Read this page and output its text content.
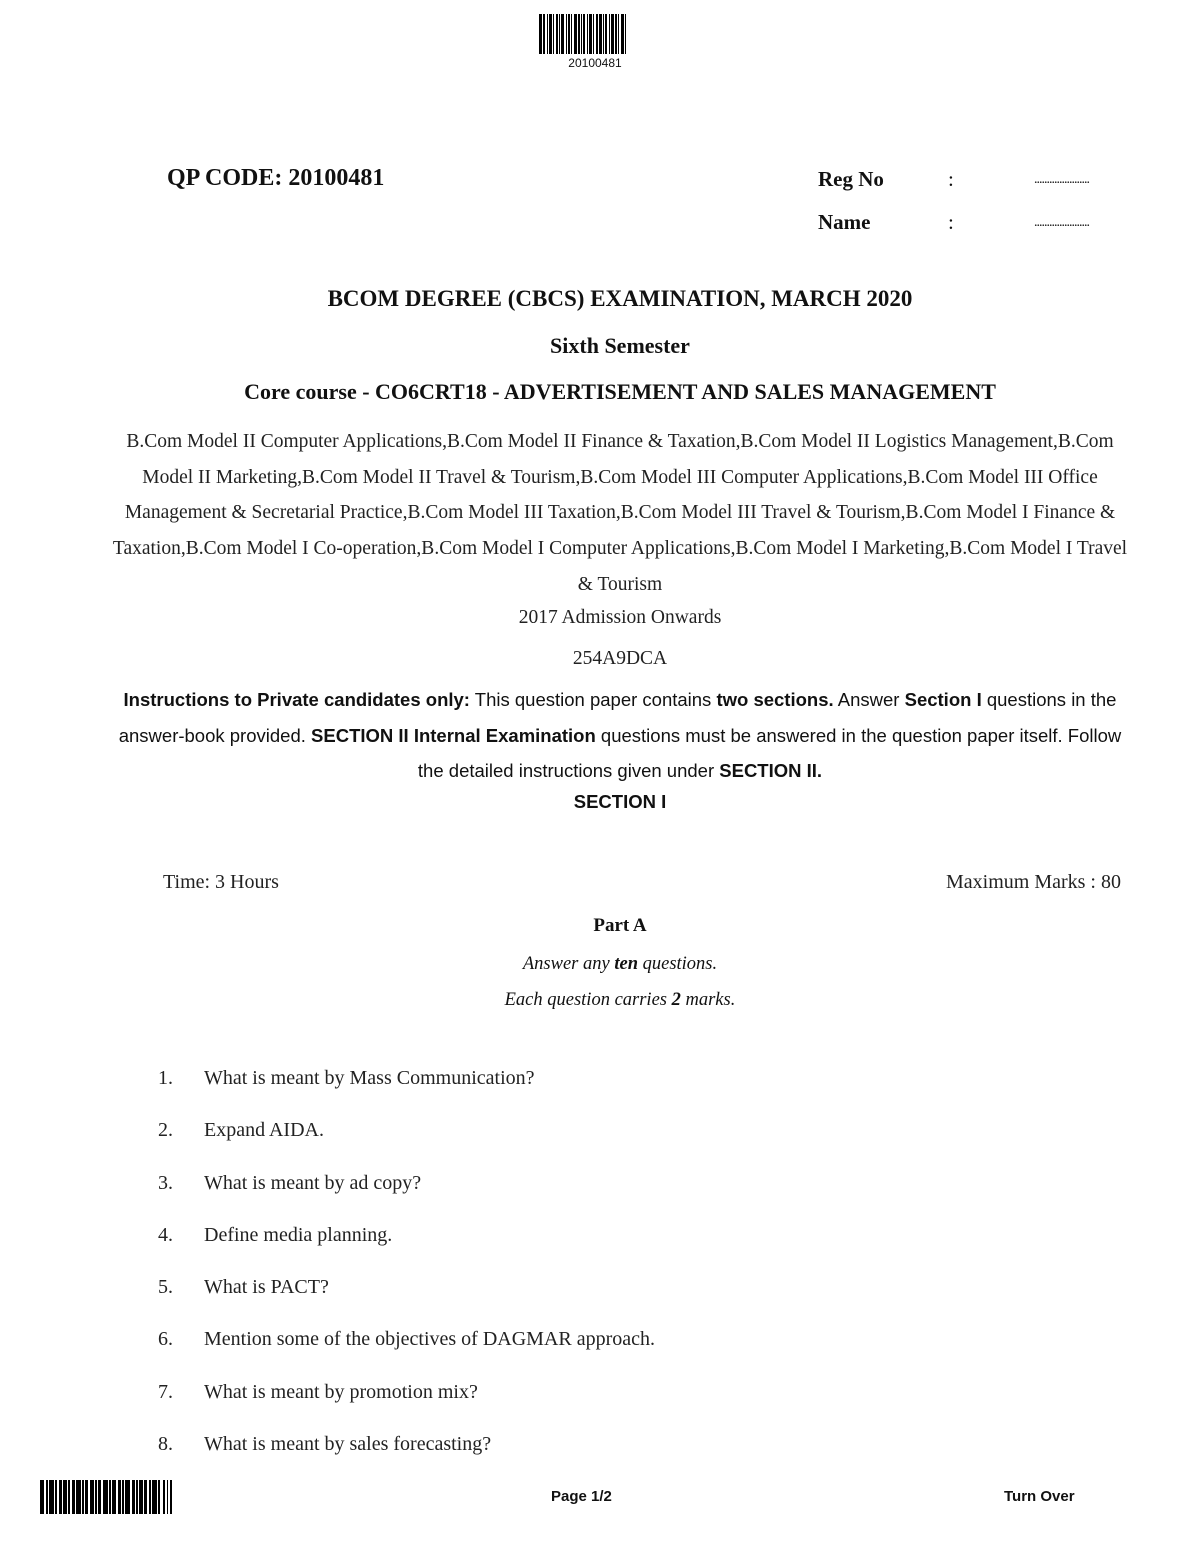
20100481
QP CODE: 20100481	Reg No	:	......................
Name	:	......................
BCOM DEGREE (CBCS) EXAMINATION, MARCH 2020
Sixth Semester
Core course - CO6CRT18 - ADVERTISEMENT AND SALES MANAGEMENT
B.Com Model II Computer Applications,B.Com Model II Finance & Taxation,B.Com Model II Logistics Management,B.Com Model II Marketing,B.Com Model II Travel & Tourism,B.Com Model III Computer Applications,B.Com Model III Office Management & Secretarial Practice,B.Com Model III Taxation,B.Com Model III Travel & Tourism,B.Com Model I Finance & Taxation,B.Com Model I Co-operation,B.Com Model I Computer Applications,B.Com Model I Marketing,B.Com Model I Travel & Tourism
2017 Admission Onwards
254A9DCA
Instructions to Private candidates only: This question paper contains two sections. Answer Section I questions in the answer-book provided. SECTION II Internal Examination questions must be answered in the question paper itself. Follow the detailed instructions given under SECTION II.
SECTION I
Time: 3 Hours	Maximum Marks : 80
Part A
Answer any ten questions.
Each question carries 2 marks.
1.	What is meant by Mass Communication?
2.	Expand AIDA.
3.	What is meant by ad copy?
4.	Define media planning.
5.	What is PACT?
6.	Mention some of the objectives of DAGMAR approach.
7.	What is meant by promotion mix?
8.	What is meant by sales forecasting?
Page 1/2	Turn Over
